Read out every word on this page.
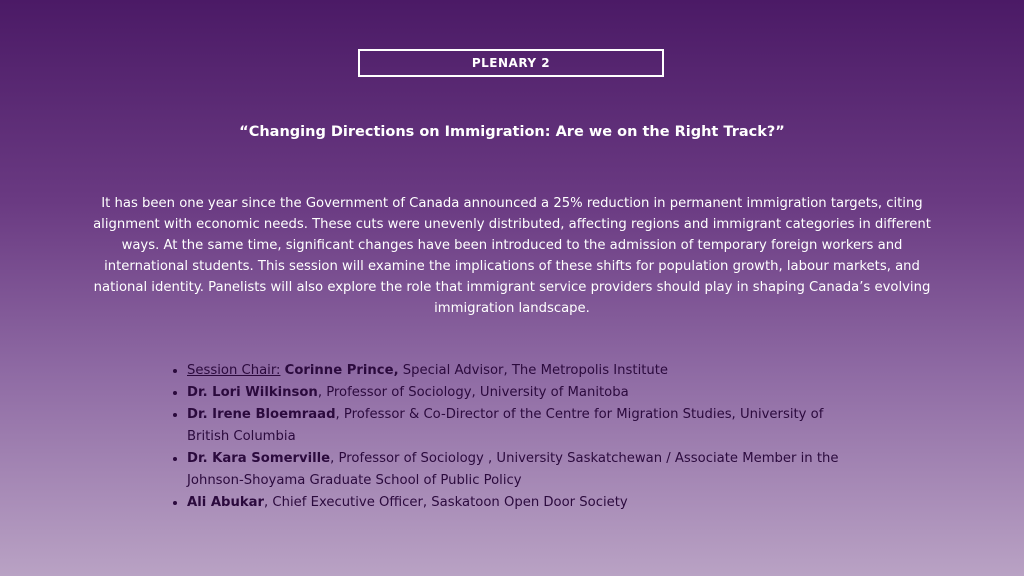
PLENARY 2
“Changing Directions on Immigration: Are we on the Right Track?”

It has been one year since the Government of Canada announced a 25% reduction in permanent immigration targets, citing alignment with economic needs. These cuts were unevenly distributed, affecting regions and immigrant categories in different ways. At the same time, significant changes have been introduced to the admission of temporary foreign workers and international students. This session will examine the implications of these shifts for population growth, labour markets, and national identity. Panelists will also explore the role that immigrant service providers should play in shaping Canada’s evolving immigration landscape.

• Session Chair: Corinne Prince, Special Advisor, The Metropolis Institute
• Dr. Lori Wilkinson, Professor of Sociology, University of Manitoba
• Dr. Irene Bloemraad, Professor & Co-Director of the Centre for Migration Studies, University of British Columbia
• Dr. Kara Somerville, Professor of Sociology , University Saskatchewan / Associate Member in the Johnson-Shoyama Graduate School of Public Policy
• Ali Abukar, Chief Executive Officer, Saskatoon Open Door Society
